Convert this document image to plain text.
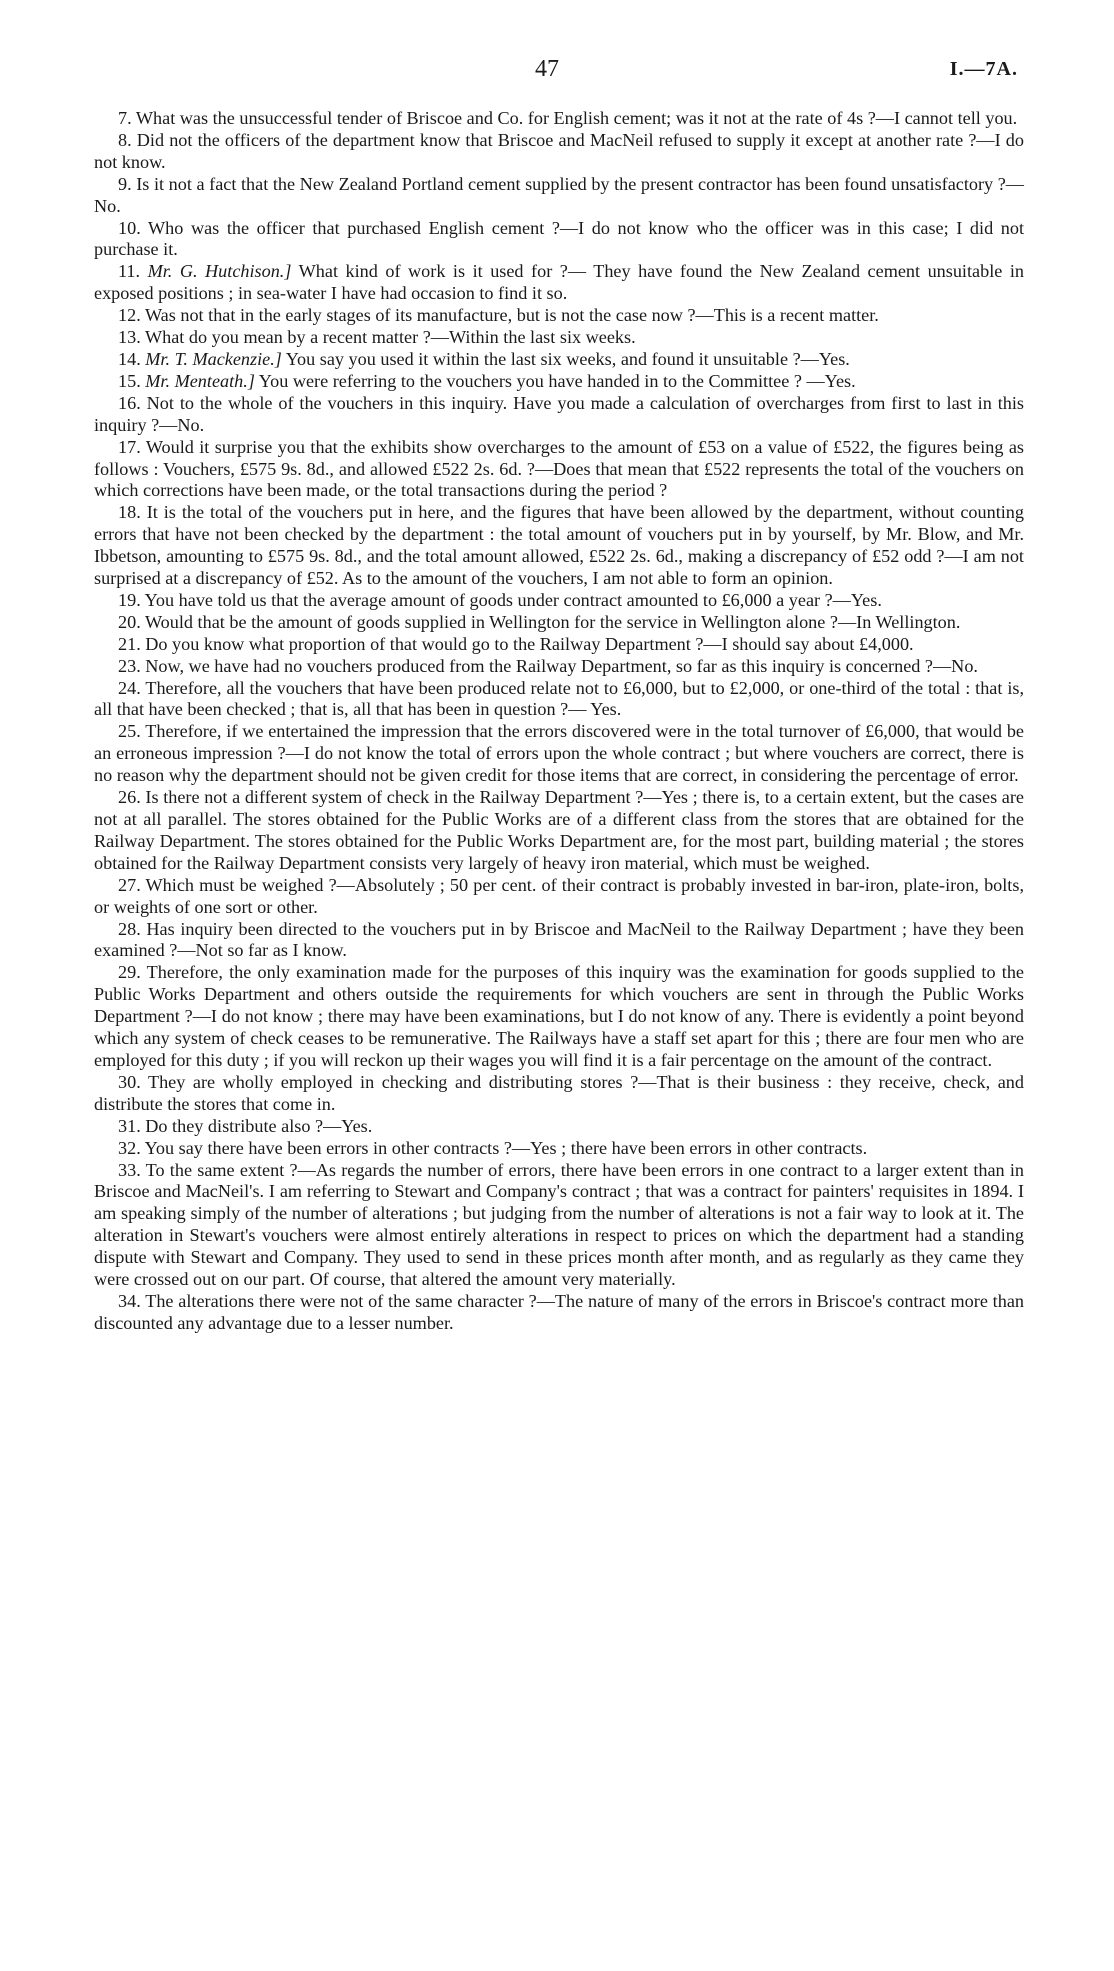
47	I.—7A.

7. What was the unsuccessful tender of Briscoe and Co. for English cement; was it not at the rate of 4s ?—I cannot tell you.

8. Did not the officers of the department know that Briscoe and MacNeil refused to supply it except at another rate ?—I do not know.

9. Is it not a fact that the New Zealand Portland cement supplied by the present contractor has been found unsatisfactory ?—No.

10. Who was the officer that purchased English cement ?—I do not know who the officer was in this case; I did not purchase it.

11. Mr. G. Hutchison.] What kind of work is it used for ?— They have found the New Zealand cement unsuitable in exposed positions ; in sea-water I have had occasion to find it so.

12. Was not that in the early stages of its manufacture, but is not the case now ?—This is a recent matter.

13. What do you mean by a recent matter ?—Within the last six weeks.

14. Mr. T. Mackenzie.] You say you used it within the last six weeks, and found it unsuitable ?—Yes.

15. Mr. Menteath.] You were referring to the vouchers you have handed in to the Committee ? —Yes.

16. Not to the whole of the vouchers in this inquiry. Have you made a calculation of overcharges from first to last in this inquiry ?—No.

17. Would it surprise you that the exhibits show overcharges to the amount of £53 on a value of £522, the figures being as follows : Vouchers, £575 9s. 8d., and allowed £522 2s. 6d. ?—Does that mean that £522 represents the total of the vouchers on which corrections have been made, or the total transactions during the period ?

18. It is the total of the vouchers put in here, and the figures that have been allowed by the department, without counting errors that have not been checked by the department : the total amount of vouchers put in by yourself, by Mr. Blow, and Mr. Ibbetson, amounting to £575 9s. 8d., and the total amount allowed, £522 2s. 6d., making a discrepancy of £52 odd ?—I am not surprised at a discrepancy of £52. As to the amount of the vouchers, I am not able to form an opinion.

19. You have told us that the average amount of goods under contract amounted to £6,000 a year ?—Yes.

20. Would that be the amount of goods supplied in Wellington for the service in Wellington alone ?—In Wellington.

21. Do you know what proportion of that would go to the Railway Department ?—I should say about £4,000.

23. Now, we have had no vouchers produced from the Railway Department, so far as this inquiry is concerned ?—No.

24. Therefore, all the vouchers that have been produced relate not to £6,000, but to £2,000, or one-third of the total : that is, all that have been checked ; that is, all that has been in question ?— Yes.

25. Therefore, if we entertained the impression that the errors discovered were in the total turnover of £6,000, that would be an erroneous impression ?—I do not know the total of errors upon the whole contract ; but where vouchers are correct, there is no reason why the department should not be given credit for those items that are correct, in considering the percentage of error.

26. Is there not a different system of check in the Railway Department ?—Yes ; there is, to a certain extent, but the cases are not at all parallel. The stores obtained for the Public Works are of a different class from the stores that are obtained for the Railway Department. The stores obtained for the Public Works Department are, for the most part, building material ; the stores obtained for the Railway Department consists very largely of heavy iron material, which must be weighed.

27. Which must be weighed ?—Absolutely ; 50 per cent. of their contract is probably invested in bar-iron, plate-iron, bolts, or weights of one sort or other.

28. Has inquiry been directed to the vouchers put in by Briscoe and MacNeil to the Railway Department ; have they been examined ?—Not so far as I know.

29. Therefore, the only examination made for the purposes of this inquiry was the examination for goods supplied to the Public Works Department and others outside the requirements for which vouchers are sent in through the Public Works Department ?—I do not know ; there may have been examinations, but I do not know of any. There is evidently a point beyond which any system of check ceases to be remunerative. The Railways have a staff set apart for this ; there are four men who are employed for this duty ; if you will reckon up their wages you will find it is a fair percentage on the amount of the contract.

30. They are wholly employed in checking and distributing stores ?—That is their business : they receive, check, and distribute the stores that come in.

31. Do they distribute also ?—Yes.

32. You say there have been errors in other contracts ?—Yes ; there have been errors in other contracts.

33. To the same extent ?—As regards the number of errors, there have been errors in one contract to a larger extent than in Briscoe and MacNeil's. I am referring to Stewart and Company's contract ; that was a contract for painters' requisites in 1894. I am speaking simply of the number of alterations ; but judging from the number of alterations is not a fair way to look at it. The alteration in Stewart's vouchers were almost entirely alterations in respect to prices on which the department had a standing dispute with Stewart and Company. They used to send in these prices month after month, and as regularly as they came they were crossed out on our part. Of course, that altered the amount very materially.

34. The alterations there were not of the same character ?—The nature of many of the errors in Briscoe's contract more than discounted any advantage due to a lesser number.
